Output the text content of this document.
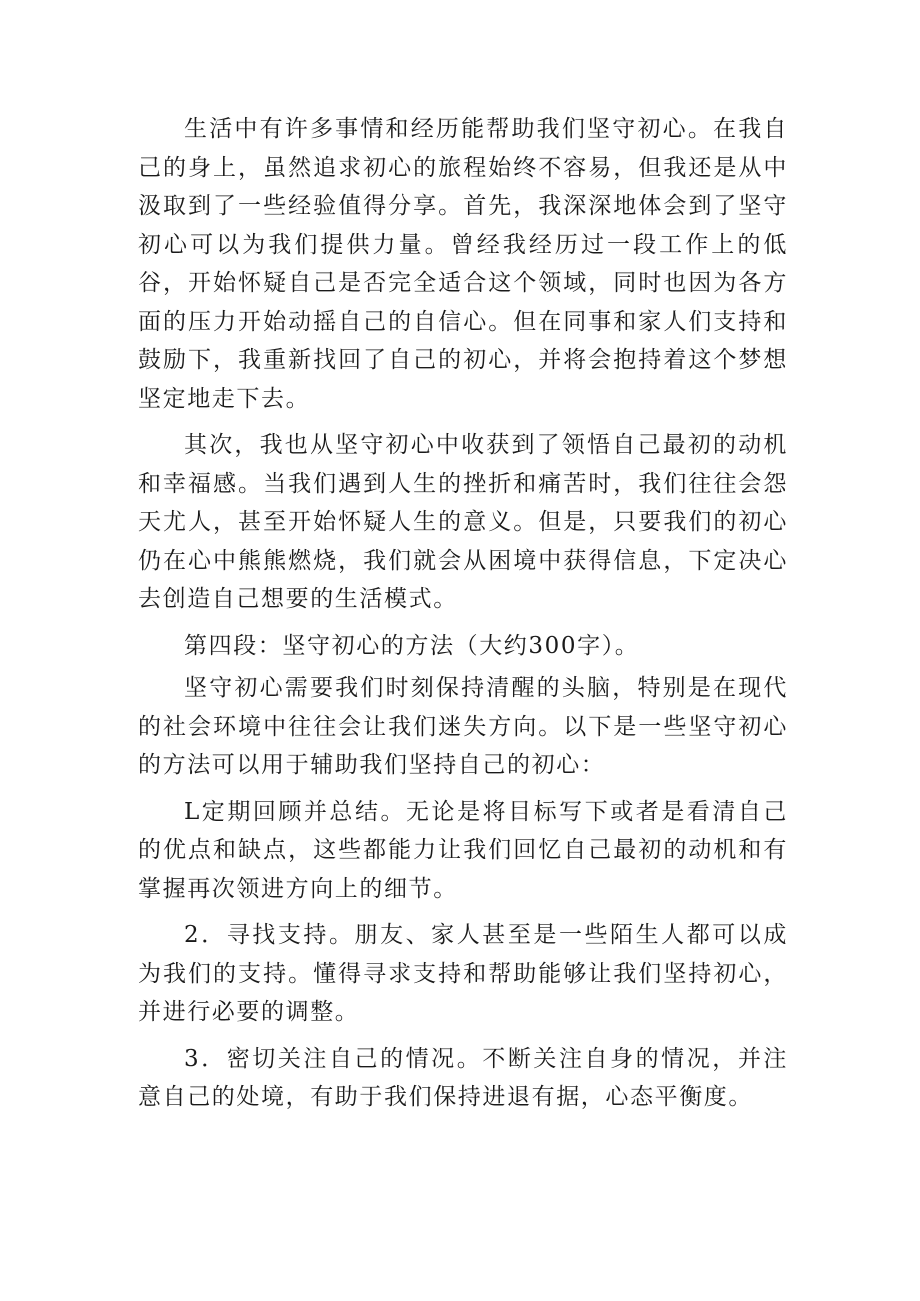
生活中有许多事情和经历能帮助我们坚守初心。在我自己的身上，虽然追求初心的旅程始终不容易，但我还是从中汲取到了一些经验值得分享。首先，我深深地体会到了坚守初心可以为我们提供力量。曾经我经历过一段工作上的低谷，开始怀疑自己是否完全适合这个领域，同时也因为各方面的压力开始动摇自己的自信心。但在同事和家人们支持和鼓励下，我重新找回了自己的初心，并将会抱持着这个梦想坚定地走下去。

其次，我也从坚守初心中收获到了领悟自己最初的动机和幸福感。当我们遇到人生的挫折和痛苦时，我们往往会怨天尤人，甚至开始怀疑人生的意义。但是，只要我们的初心仍在心中熊熊燃烧，我们就会从困境中获得信息，下定决心去创造自己想要的生活模式。

第四段：坚守初心的方法（大约300字）。

坚守初心需要我们时刻保持清醒的头脑，特别是在现代的社会环境中往往会让我们迷失方向。以下是一些坚守初心的方法可以用于辅助我们坚持自己的初心：

L定期回顾并总结。无论是将目标写下或者是看清自己的优点和缺点，这些都能力让我们回忆自己最初的动机和有掌握再次领进方向上的细节。

2．寻找支持。朋友、家人甚至是一些陌生人都可以成为我们的支持。懂得寻求支持和帮助能够让我们坚持初心，并进行必要的调整。

3．密切关注自己的情况。不断关注自身的情况，并注意自己的处境，有助于我们保持进退有据，心态平衡度。
